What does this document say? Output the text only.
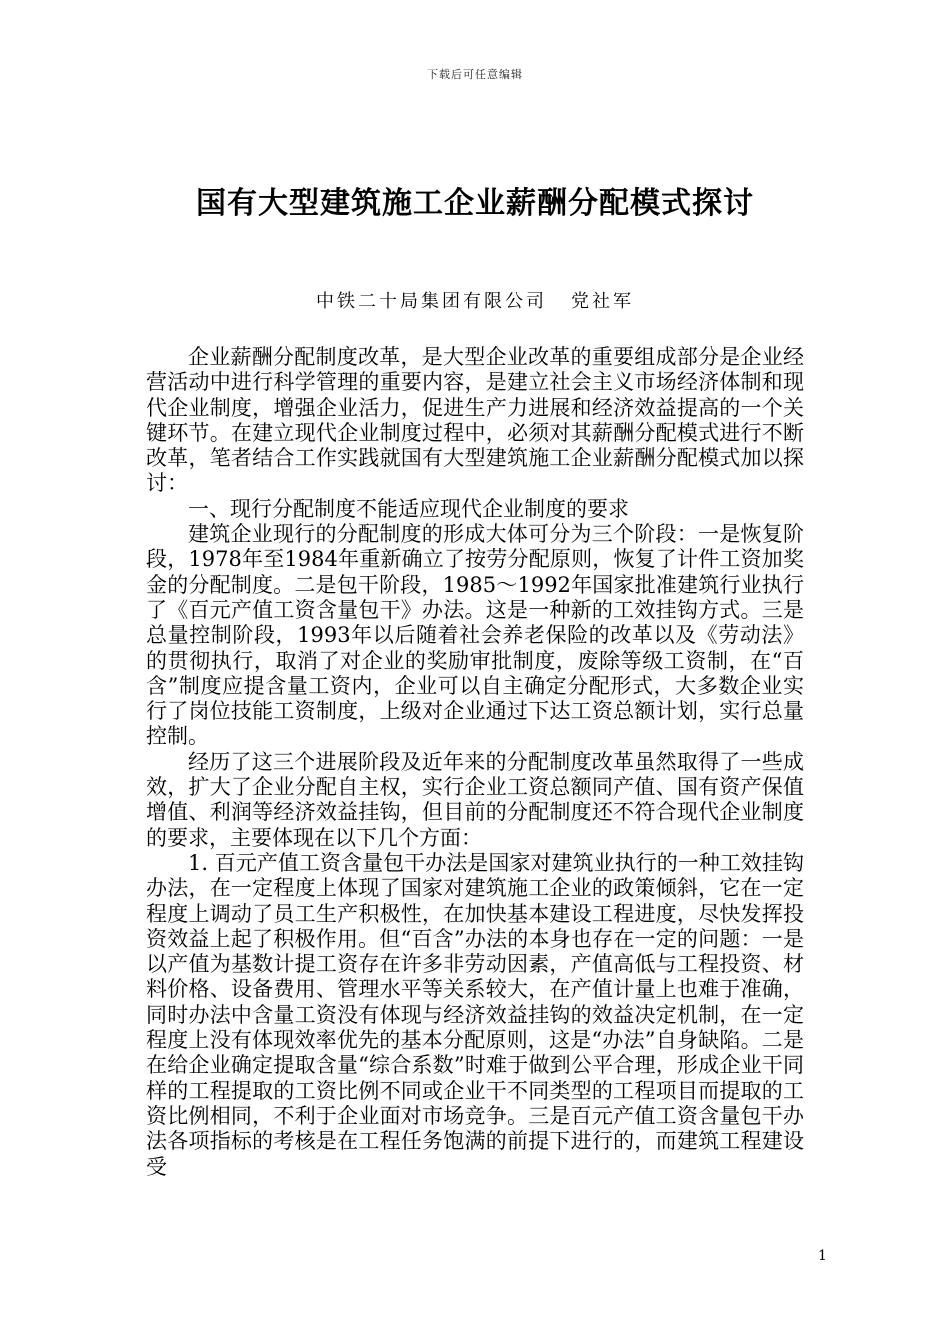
下载后可任意编辑
国有大型建筑施工企业薪酬分配模式探讨
中铁二十局集团有限公司 党社军

企业薪酬分配制度改革，是大型企业改革的重要组成部分是企业经营活动中进行科学管理的重要内容，是建立社会主义市场经济体制和现代企业制度，增强企业活力，促进生产力进展和经济效益提高的一个关键环节。在建立现代企业制度过程中，必须对其薪酬分配模式进行不断改革，笔者结合工作实践就国有大型建筑施工企业薪酬分配模式加以探讨：

一、现行分配制度不能适应现代企业制度的要求

建筑企业现行的分配制度的形成大体可分为三个阶段：一是恢复阶段，1978年至1984年重新确立了按劳分配原则，恢复了计件工资加奖金的分配制度。二是包干阶段，1985～1992年国家批准建筑行业执行了《百元产值工资含量包干》办法。这是一种新的工效挂钩方式。三是总量控制阶段，1993年以后随着社会养老保险的改革以及《劳动法》的贯彻执行，取消了对企业的奖励审批制度，废除等级工资制，在“百含”制度应提含量工资内，企业可以自主确定分配形式，大多数企业实行了岗位技能工资制度，上级对企业通过下达工资总额计划，实行总量控制。

经历了这三个进展阶段及近年来的分配制度改革虽然取得了一些成效，扩大了企业分配自主权，实行企业工资总额同产值、国有资产保值增值、利润等经济效益挂钩，但目前的分配制度还不符合现代企业制度的要求，主要体现在以下几个方面：

1. 百元产值工资含量包干办法是国家对建筑业执行的一种工效挂钩办法，在一定程度上体现了国家对建筑施工企业的政策倾斜，它在一定程度上调动了员工生产积极性，在加快基本建设工程进度，尽快发挥投资效益上起了积极作用。但“百含”办法的本身也存在一定的问题：一是以产值为基数计提工资存在许多非劳动因素，产值高低与工程投资、材料价格、设备费用、管理水平等关系较大，在产值计量上也难于准确，同时办法中含量工资没有体现与经济效益挂钩的效益决定机制，在一定程度上没有体现效率优先的基本分配原则，这是“办法”自身缺陷。二是在给企业确定提取含量“综合系数”时难于做到公平合理，形成企业干同样的工程提取的工资比例不同或企业干不同类型的工程项目而提取的工资比例相同，不利于企业面对市场竞争。三是百元产值工资含量包干办法各项指标的考核是在工程任务饱满的前提下进行的，而建筑工程建设受

1
